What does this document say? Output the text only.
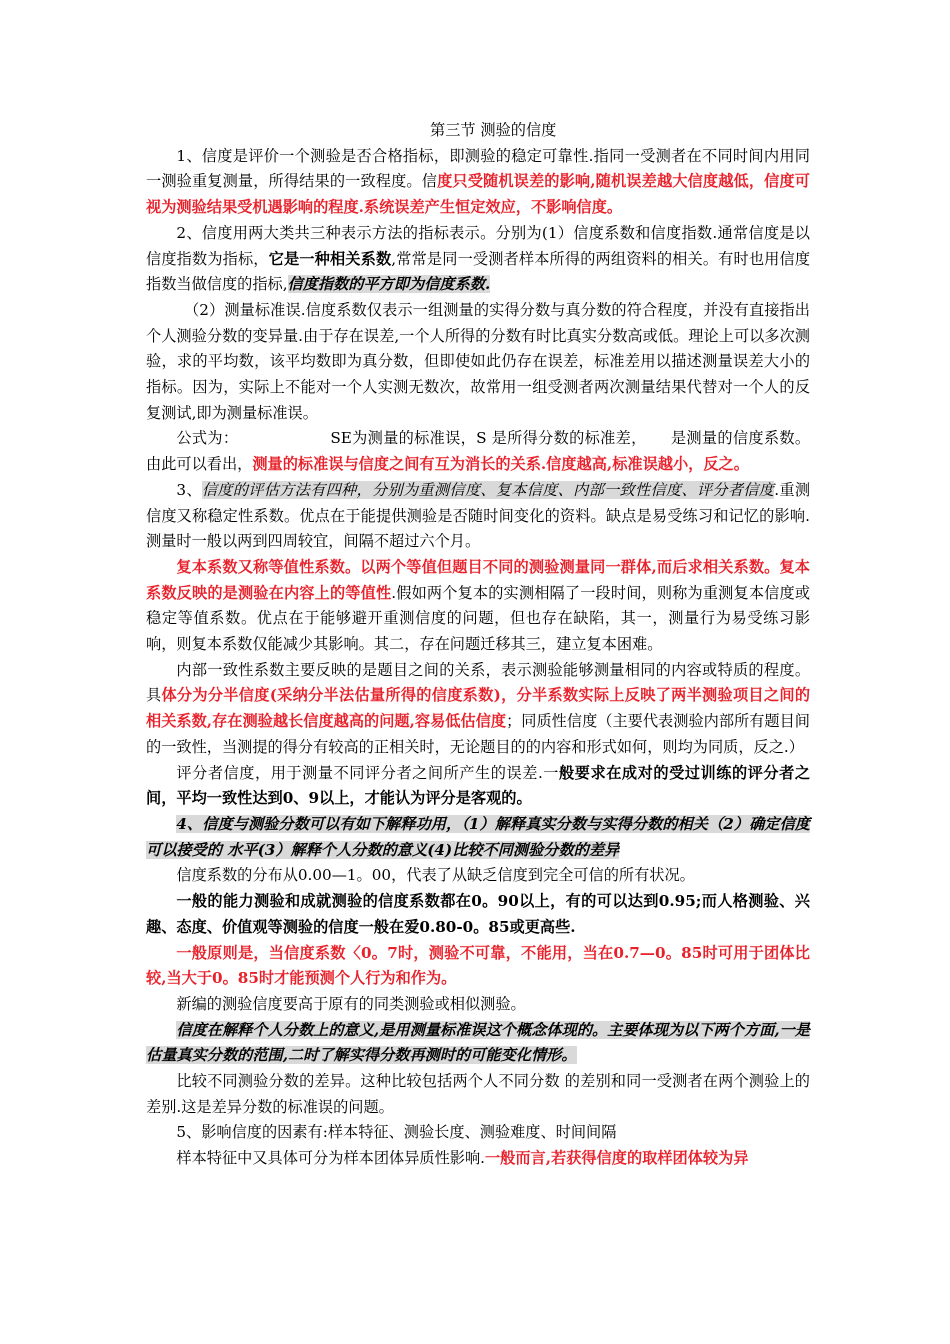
第三节 测验的信度

1、信度是评价一个测验是否合格指标，即测验的稳定可靠性.指同一受测者在不同时间内用同一测验重复测量，所得结果的一致程度。信度只受随机误差的影响,随机误差越大信度越低，信度可视为测验结果受机遇影响的程度.系统误差产生恒定效应，不影响信度。

2、信度用两大类共三种表示方法的指标表示。分别为(1）信度系数和信度指数.通常信度是以信度指数为指标，它是一种相关系数,常常是同一受测者样本所得的两组资料的相关。有时也用信度指数当做信度的指标,信度指数的平方即为信度系数.

（2）测量标准误.信度系数仅表示一组测量的实得分数与真分数的符合程度，并没有直接指出个人测验分数的变异量.由于存在误差,一个人所得的分数有时比真实分数高或低。理论上可以多次测验，求的平均数，该平均数即为真分数，但即使如此仍存在误差，标准差用以描述测量误差大小的指标。因为，实际上不能对一个人实测无数次，故常用一组受测者两次测量结果代替对一个人的反复测试,即为测量标准误。

公式为：	SE为测量的标准误，S 是所得分数的标准差， 是测量的信度系数。由此可以看出，测量的标准误与信度之间有互为消长的关系.信度越高,标准误越小，反之。

3、信度的评估方法有四种，分别为重测信度、复本信度、内部一致性信度、评分者信度.重测信度又称稳定性系数。优点在于能提供测验是否随时间变化的资料。缺点是易受练习和记忆的影响.测量时一般以两到四周较宜，间隔不超过六个月。

复本系数又称等值性系数。以两个等值但题目不同的测验测量同一群体,而后求相关系数。复本系数反映的是测验在内容上的等值性.假如两个复本的实测相隔了一段时间，则称为重测复本信度或稳定等值系数。优点在于能够避开重测信度的问题，但也存在缺陷，其一，测量行为易受练习影响，则复本系数仅能减少其影响。其二，存在问题迁移其三，建立复本困难。

内部一致性系数主要反映的是题目之间的关系，表示测验能够测量相同的内容或特质的程度。具体分为分半信度(采纳分半法估量所得的信度系数)，分半系数实际上反映了两半测验项目之间的相关系数,存在测验越长信度越高的问题,容易低估信度；同质性信度（主要代表测验内部所有题目间的一致性，当测提的得分有较高的正相关时，无论题目的的内容和形式如何，则均为同质，反之.）

评分者信度，用于测量不同评分者之间所产生的误差.一般要求在成对的受过训练的评分者之间，平均一致性达到0、9以上，才能认为评分是客观的。

4、信度与测验分数可以有如下解释功用，（1）解释真实分数与实得分数的相关（2）确定信度可以接受的 水平(3）解释个人分数的意义(4)比较不同测验分数的差异

信度系数的分布从0.00—1。00，代表了从缺乏信度到完全可信的所有状况。

一般的能力测验和成就测验的信度系数都在0。90以上，有的可以达到0.95;而人格测验、兴趣、态度、价值观等测验的信度一般在爱0.80-0。85或更高些.

一般原则是，当信度系数〈0。7时，测验不可靠，不能用，当在0.7—0。85时可用于团体比较,当大于0。85时才能预测个人行为和作为。

新编的测验信度要高于原有的同类测验或相似测验。

信度在解释个人分数上的意义,是用测量标准误这个概念体现的。主要体现为以下两个方面,一是估量真实分数的范围,二时了解实得分数再测时的可能变化情形。

比较不同测验分数的差异。这种比较包括两个人不同分数 的差别和同一受测者在两个测验上的差别.这是差异分数的标准误的问题。

5、影响信度的因素有:样本特征、测验长度、测验难度、时间间隔

样本特征中又具体可分为样本团体异质性影响.一般而言,若获得信度的取样团体较为异
